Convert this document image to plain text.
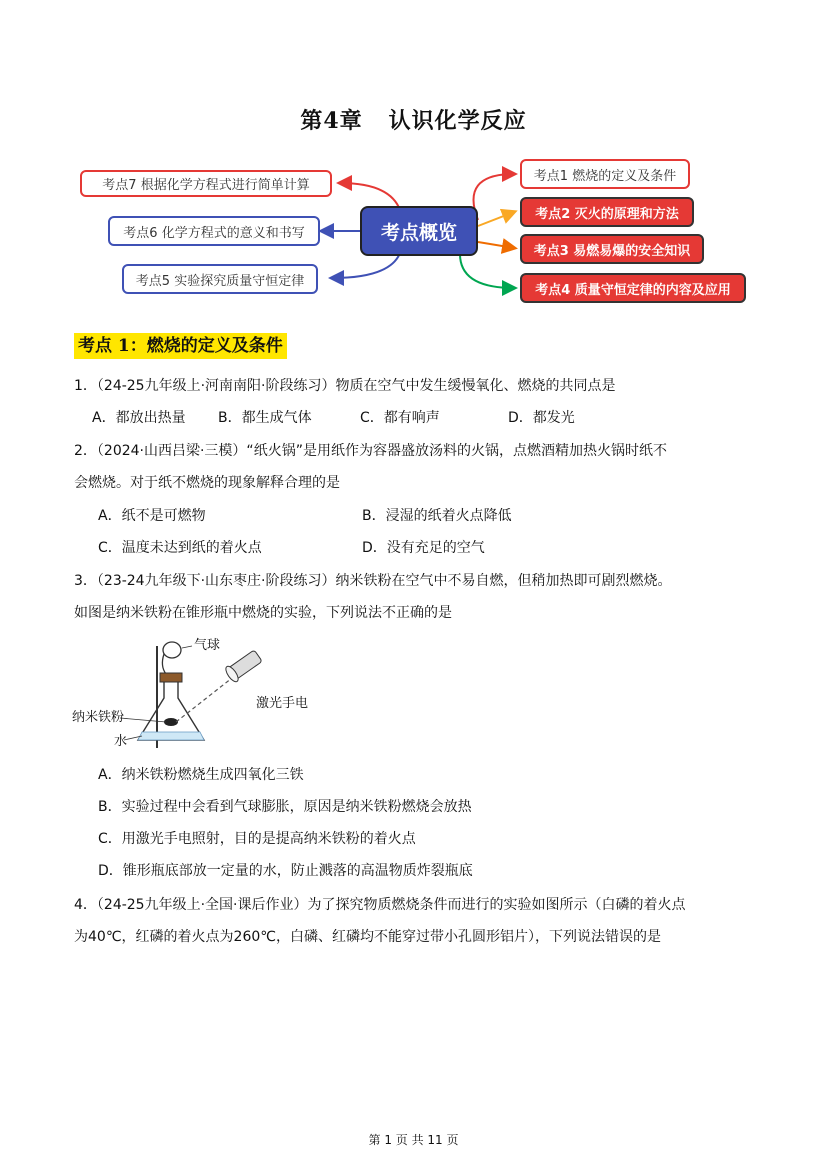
第4章 认识化学反应
考点7 根据化学方程式进行简单计算
考点6 化学方程式的意义和书写
考点5 实验探究质量守恒定律
考点概览
考点1 燃烧的定义及条件
考点2 灭火的原理和方法
考点3 易燃易爆的安全知识
考点4 质量守恒定律的内容及应用
考点 1：燃烧的定义及条件
1．（24-25九年级上·河南南阳·阶段练习）物质在空气中发生缓慢氧化、燃烧的共同点是
A．都放出热量 B．都生成气体	C．都有响声	D．都发光
2．（2024·山西吕梁·三模）“纸火锅”是用纸作为容器盛放汤料的火锅，点燃酒精加热火锅时纸不
会燃烧。对于纸不燃烧的现象解释合理的是
A．纸不是可燃物	B．浸湿的纸着火点降低
C．温度未达到纸的着火点	D．没有充足的空气
3．（23-24九年级下·山东枣庄·阶段练习）纳米铁粉在空气中不易自燃，但稍加热即可剧烈燃烧。
如图是纳米铁粉在锥形瓶中燃烧的实验，下列说法不正确的是
气球
激光手电
纳米铁粉
水
A．纳米铁粉燃烧生成四氧化三铁
B．实验过程中会看到气球膨胀，原因是纳米铁粉燃烧会放热
C．用激光手电照射，目的是提高纳米铁粉的着火点
D．锥形瓶底部放一定量的水，防止溅落的高温物质炸裂瓶底
4．（24-25九年级上·全国·课后作业）为了探究物质燃烧条件而进行的实验如图所示（白磷的着火点
为40℃，红磷的着火点为260℃，白磷、红磷均不能穿过带小孔圆形铝片），下列说法错误的是
第 1 页 共 11 页
